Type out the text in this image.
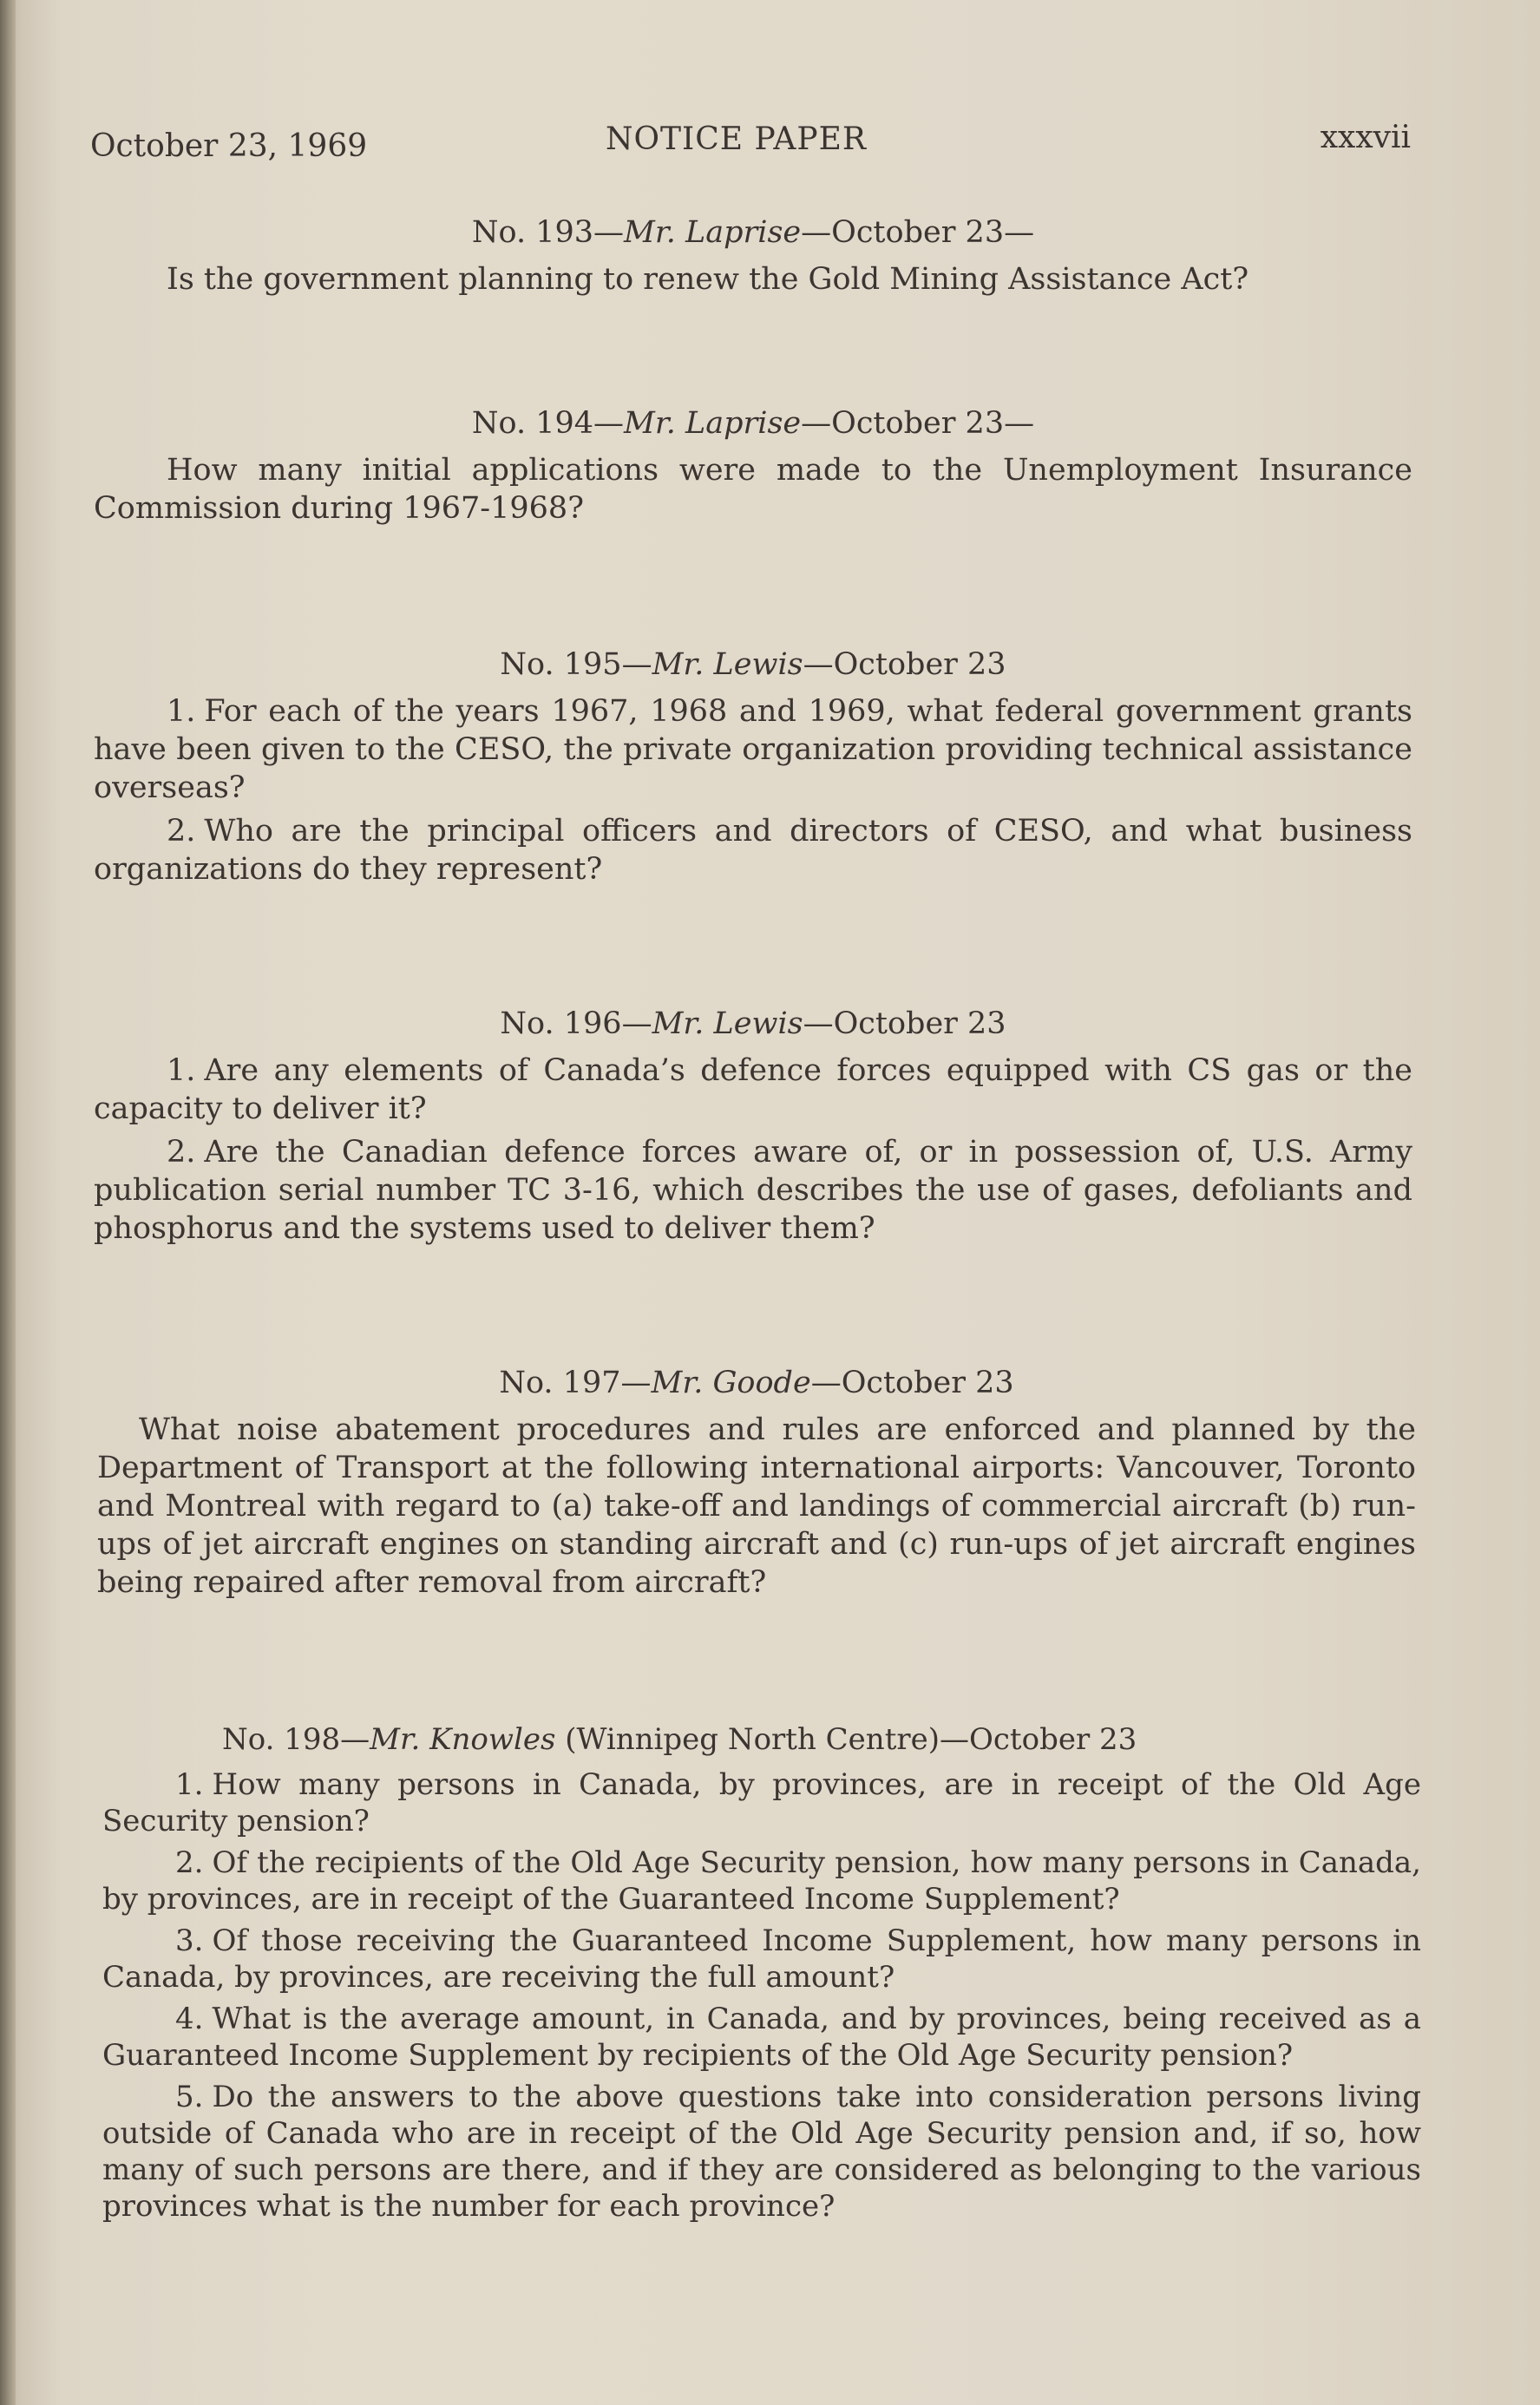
October 23, 1969	NOTICE PAPER	xxxvii

No. 193—Mr. Laprise—October 23—

Is the government planning to renew the Gold Mining Assistance Act?

No. 194—Mr. Laprise—October 23—

How many initial applications were made to the Unemployment Insurance Commission during 1967-1968?

No. 195—Mr. Lewis—October 23

1. For each of the years 1967, 1968 and 1969, what federal government grants have been given to the CESO, the private organization providing technical assistance overseas?

2. Who are the principal officers and directors of CESO, and what business organizations do they represent?

No. 196—Mr. Lewis—October 23

1. Are any elements of Canada’s defence forces equipped with CS gas or the capacity to deliver it?

2. Are the Canadian defence forces aware of, or in possession of, U.S. Army publication serial number TC 3-16, which describes the use of gases, defoliants and phosphorus and the systems used to deliver them?

No. 197—Mr. Goode—October 23

What noise abatement procedures and rules are enforced and planned by the Department of Transport at the following international airports: Vancouver, Toronto and Montreal with regard to (a) take-off and landings of commercial aircraft (b) run-ups of jet aircraft engines on standing aircraft and (c) run-ups of jet aircraft engines being repaired after removal from aircraft?

No. 198—Mr. Knowles (Winnipeg North Centre)—October 23

1. How many persons in Canada, by provinces, are in receipt of the Old Age Security pension?

2. Of the recipients of the Old Age Security pension, how many persons in Canada, by provinces, are in receipt of the Guaranteed Income Supplement?

3. Of those receiving the Guaranteed Income Supplement, how many persons in Canada, by provinces, are receiving the full amount?

4. What is the average amount, in Canada, and by provinces, being received as a Guaranteed Income Supplement by recipients of the Old Age Security pension?

5. Do the answers to the above questions take into consideration persons living outside of Canada who are in receipt of the Old Age Security pension and, if so, how many of such persons are there, and if they are considered as belonging to the various provinces what is the number for each province?
